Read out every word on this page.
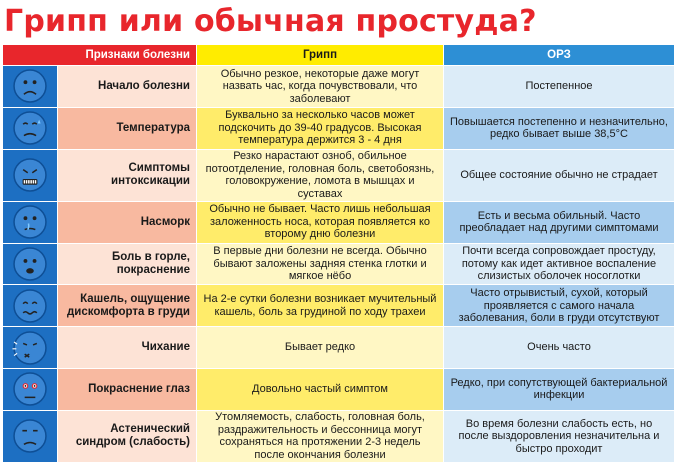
Грипп или обычная простуда?
Признаки болезни		Грипп	ОРЗ

	Начало болезни	Обычно резкое, некоторые даже могут назвать час, когда почувствовали, что заболевают	Постепенное

	Температура	Буквально за несколько часов может подскочить до 39-40 градусов. Высокая температура держится 3 - 4 дня	Повышается постепенно и незначительно, редко бывает выше 38,5°С

	Симптомы интоксикации	Резко нарастают озноб, обильное потоотделение, головная боль, светобоязнь, головокружение, ломота в мышцах и суставах	Общее состояние обычно не страдает

	Насморк	Обычно не бывает. Часто лишь небольшая заложенность носа, которая появляется ко второму дню болезни	Есть и весьма обильный. Часто преобладает над другими симптомами

	Боль в горле, покраснение	В первые дни болезни не всегда. Обычно бывают заложены задняя стенка глотки и мягкое нёбо	Почти всегда сопровождает простуду, потому как идет активное воспаление слизистых оболочек носоглотки

	Кашель, ощущение дискомфорта в груди	На 2-е сутки болезни возникает мучительный кашель, боль за грудиной по ходу трахеи	Часто отрывистый, сухой, который проявляется с самого начала заболевания, боли в груди отсутствуют

	Чихание	Бывает редко	Очень часто

	Покраснение глаз	Довольно частый симптом	Редко, при сопутствующей бактериальной инфекции

	Астенический синдром (слабость)	Утомляемость, слабость, головная боль, раздражительность и бессонница могут сохраняться на протяжении 2-3 недель после окончания болезни	Во время болезни слабость есть, но после выздоровления незначительна и быстро проходит
